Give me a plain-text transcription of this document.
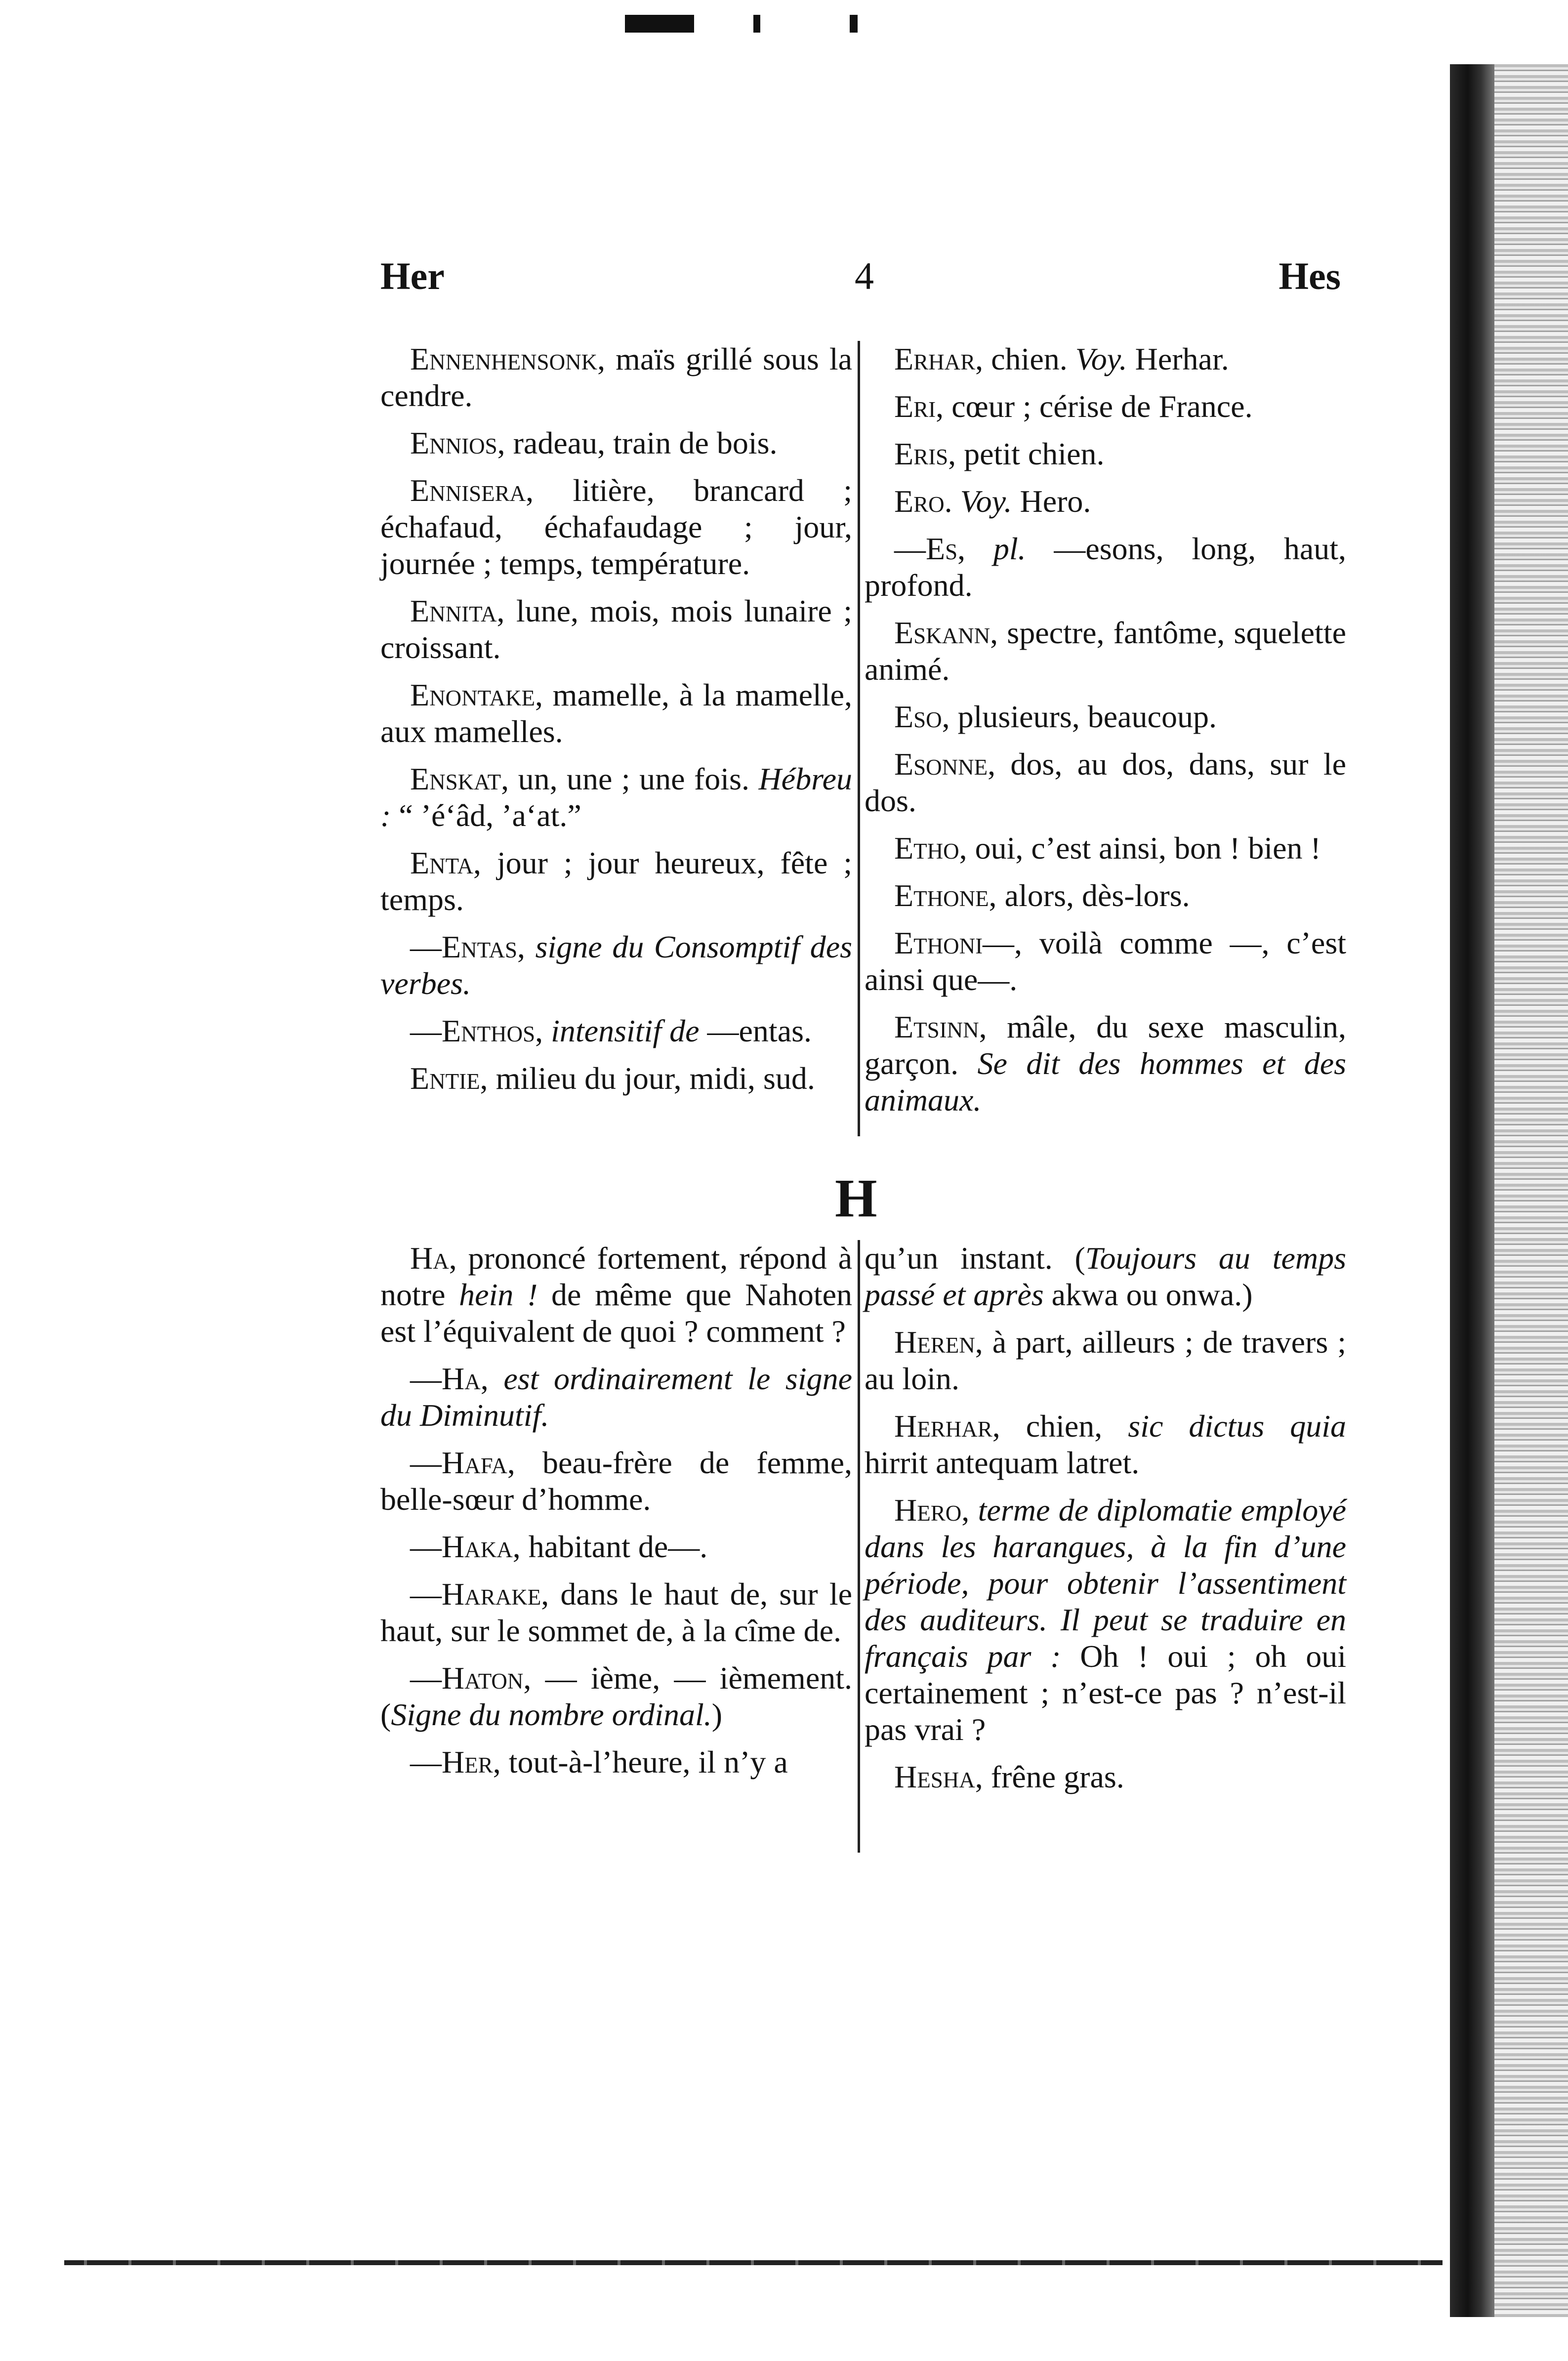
Her	4	Hes

Ennenhensonk, maïs grillé sous la cendre.

Ennios, radeau, train de bois.

Ennisera, litière, brancard ; échafaud, échafaudage ; jour, journée ; temps, température.

Ennita, lune, mois, mois lunaire ; croissant.

Enontake, mamelle, à la mamelle, aux mamelles.

Enskat, un, une ; une fois. Hébreu : “ ’é‘âd, ’a‘at.”

Enta, jour ; jour heureux, fête ; temps.

—Entas, signe du Consomptif des verbes.

—Enthos, intensitif de —entas.

Entie, milieu du jour, midi, sud.

Erhar, chien. Voy. Herhar.

Eri, cœur ; cérise de France.

Eris, petit chien.

Ero. Voy. Hero.

—Es, pl. —esons, long, haut, profond.

Eskann, spectre, fantôme, squelette animé.

Eso, plusieurs, beaucoup.

Esonne, dos, au dos, dans, sur le dos.

Etho, oui, c’est ainsi, bon ! bien !

Ethone, alors, dès-lors.

Ethoni—, voilà comme —, c’est ainsi que—.

Etsinn, mâle, du sexe masculin, garçon. Se dit des hommes et des animaux.

H

Ha, prononcé fortement, répond à notre hein ! de même que Nahoten est l’équivalent de quoi ? comment ?

—Ha, est ordinairement le signe du Diminutif.

—Hafa, beau-frère de femme, belle-sœur d’homme.

—Haka, habitant de—.

—Harake, dans le haut de, sur le haut, sur le sommet de, à la cîme de.

—Haton, — ième, — ièmement. (Signe du nombre ordinal.)

—Her, tout-à-l’heure, il n’y a

qu’un instant. (Toujours au temps passé et après akwa ou onwa.)

Heren, à part, ailleurs ; de travers ; au loin.

Herhar, chien, sic dictus quia hirrit antequam latret.

Hero, terme de diplomatie employé dans les harangues, à la fin d’une période, pour obtenir l’assentiment des auditeurs. Il peut se traduire en français par : Oh ! oui ; oh oui certainement ; n’est-ce pas ? n’est-il pas vrai ?

Hesha, frêne gras.
